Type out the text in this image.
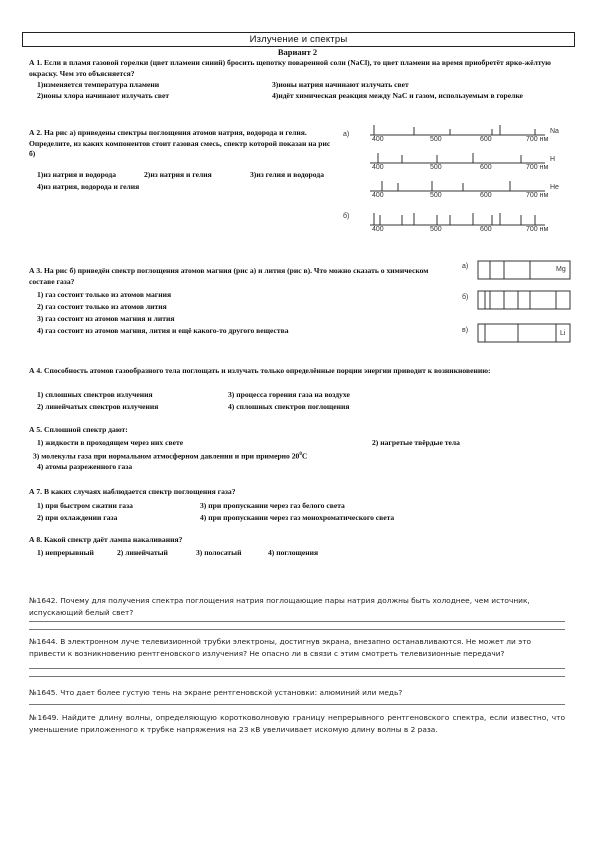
Излучение и спектры
Вариант 2
А 1. Если в пламя газовой горелки (цвет пламени синий) бросить щепотку поваренной соли (NaCl), то цвет пламени на время приобретёт ярко-жёлтую окраску. Чем это объясняется?
1)изменяется температура пламени	3)ионы натрия начинают излучать свет
2)ионы хлора начинают излучать свет	4)идёт химическая реакция между NaC и газом, используемым в горелке
А 2. На рис а) приведены спектры поглощения атомов натрия, водорода и гелия. Определите, из каких компонентов стоит газовая смесь, спектр которой показан на рис б)
1)из натрия и водорода	2)из натрия и гелия	3)из гелия и водорода
4)из натрия, водорода и гелия
а)
б)
Na
H
He
400	500	600	700 нм
400	500	600	700 нм
400	500	600	700 нм
400	500	600	700 нм
А 3. На рис б) приведён спектр поглощения атомов магния (рис а) и лития (рис в). Что можно сказать о химическом составе газа?
1) газ состоит только из атомов магния
2) газ состоит только из атомов лития
3) газ состоит из атомов магния и лития
4) газ состоит из атомов магния, лития и ещё какого-то другого вещества
а)
б)
в)
Mg
Li
А 4. Способность атомов газообразного тела поглощать и излучать только определённые порции энергии приводит к возникновению:
1) сплошных спектров излучения	3) процесса горения газа на воздухе
2) линейчатых спектров излучения	4) сплошных спектров поглощения
А 5. Сплошной спектр дают:
1) жидкости в проходящем через них свете	2) нагретые твёрдые тела
3) молекулы газа при нормальном атмосферном давлении и при примерно $20^0С$
4) атомы разреженного газа
А 7. В каких случаях наблюдается спектр поглощения газа?
1) при быстром сжатии газа	3) при пропускании через газ белого света
2) при охлаждении газа	4) при пропускании через газ монохроматического света
А 8. Какой спектр даёт лампа накаливания?
1) непрерывный	2) линейчатый	3) полосатый	4) поглощения
№1642. Почему для получения спектра поглощения натрия поглощающие пары натрия должны быть холоднее, чем источник, испускающий белый свет?
№1644. В электронном луче телевизионной трубки электроны, достигнув экрана, внезапно останавливаются. Не может ли это привести к возникновению рентгеновского излучения? Не опасно ли в связи с этим смотреть телевизионные передачи?
№1645. Что дает более густую тень на экране рентгеновской установки: алюминий или медь?
№1649. Найдите длину волны, определяющую коротковолновую границу непрерывного рентгеновского спектра, если известно, что уменьшение приложенного к трубке напряжения на 23 кВ увеличивает искомую длину волны в 2 раза.
